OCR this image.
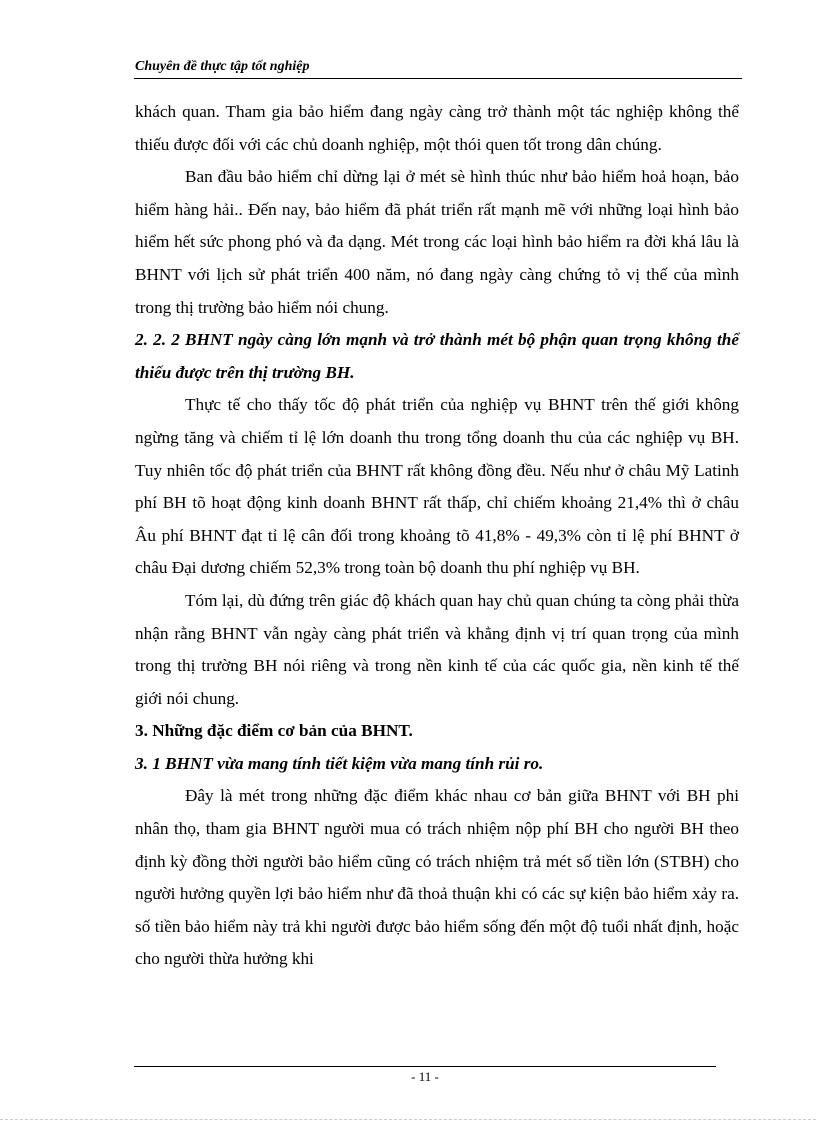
Chuyên đề thực tập tốt nghiệp

khách quan. Tham gia bảo hiểm đang ngày càng trở thành một tác nghiệp không thể thiếu được đối với các chủ doanh nghiệp, một thói quen tốt trong dân chúng.

Ban đầu bảo hiểm chỉ dừng lại ở mét sè hình thúc như bảo hiểm hoả hoạn, bảo hiểm hàng hải.. Đến nay, bảo hiểm đã phát triển rất mạnh mẽ với những loại hình bảo hiểm hết sức phong phó và đa dạng. Mét trong các loại hình bảo hiểm ra đời khá lâu là BHNT với lịch sử phát triển 400 năm, nó đang ngày càng chứng tỏ vị thế của mình trong thị trường bảo hiểm nói chung.

2. 2. 2 BHNT ngày càng lớn mạnh và trở thành mét bộ phận quan trọng không thể thiếu được trên thị trường BH.

Thực tế cho thấy tốc độ phát triển của nghiệp vụ BHNT trên thế giới không ngừng tăng và chiếm tỉ lệ lớn doanh thu trong tổng doanh thu của các nghiệp vụ BH. Tuy nhiên tốc độ phát triển của BHNT rất không đồng đều. Nếu như ở châu Mỹ Latinh phí BH tõ hoạt động kinh doanh BHNT rất thấp, chỉ chiếm khoảng 21,4% thì ở châu Âu phí BHNT đạt tỉ lệ cân đối trong khoảng tõ 41,8% - 49,3% còn tỉ lệ phí BHNT ở châu Đại dương chiếm 52,3% trong toàn bộ doanh thu phí nghiệp vụ BH.

Tóm lại, dù đứng trên giác độ khách quan hay chủ quan chúng ta còng phải thừa nhận rằng BHNT vẫn ngày càng phát triển và khẳng định vị trí quan trọng của mình trong thị trường BH nói riêng và trong nền kinh tế của các quốc gia, nền kinh tế thế giới nói chung.

3. Những đặc điểm cơ bản của BHNT.

3. 1 BHNT vừa mang tính tiết kiệm vừa mang tính rủi ro.

Đây là mét trong những đặc điểm khác nhau cơ bản giữa BHNT với BH phi nhân thọ, tham gia BHNT người mua có trách nhiệm nộp phí BH cho người BH theo định kỳ đồng thời người bảo hiểm cũng có trách nhiệm trả mét số tiền lớn (STBH) cho người hưởng quyền lợi bảo hiểm như đã thoả thuận khi có các sự kiện bảo hiểm xảy ra. số tiền bảo hiểm này trả khi người được bảo hiểm sống đến một độ tuổi nhất định, hoặc cho người thừa hưởng khi

- 11 -
